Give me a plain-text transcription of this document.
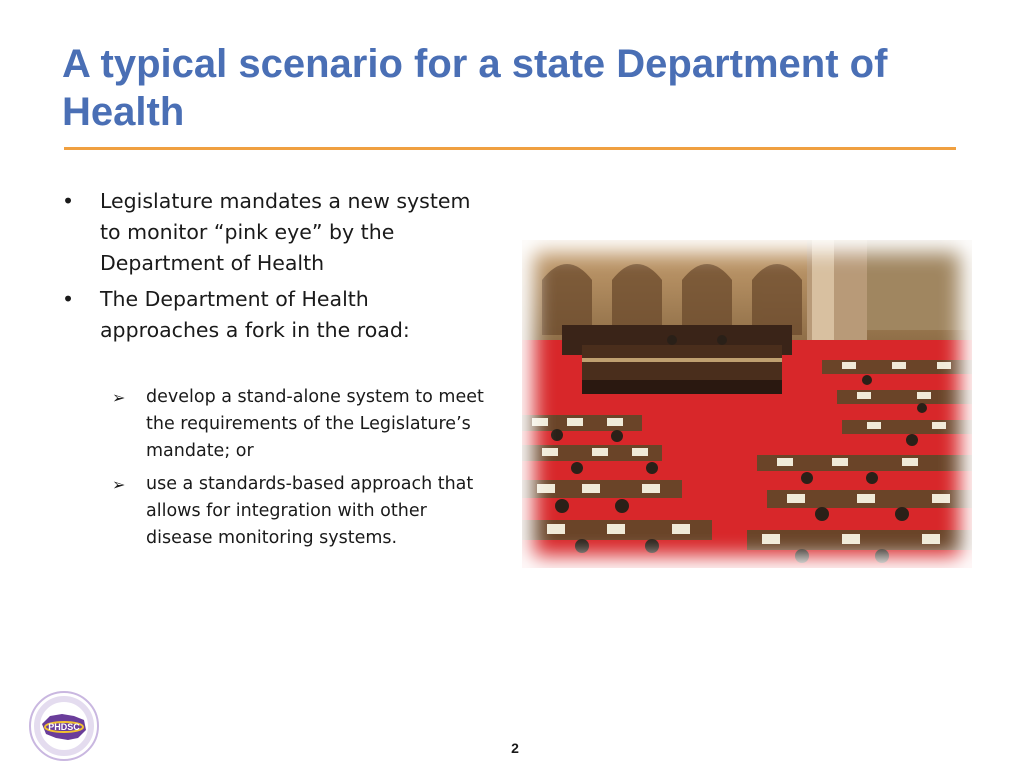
A typical scenario for a state Department of Health
•	Legislature mandates a new system to monitor “pink eye” by the Department of Health
•	The Department of Health approaches a fork in the road:
➢	develop a stand-alone system to meet the requirements of the Legislature’s mandate; or
➢	use a standards-based approach that allows for integration with other disease monitoring systems.
PHDSC
2
